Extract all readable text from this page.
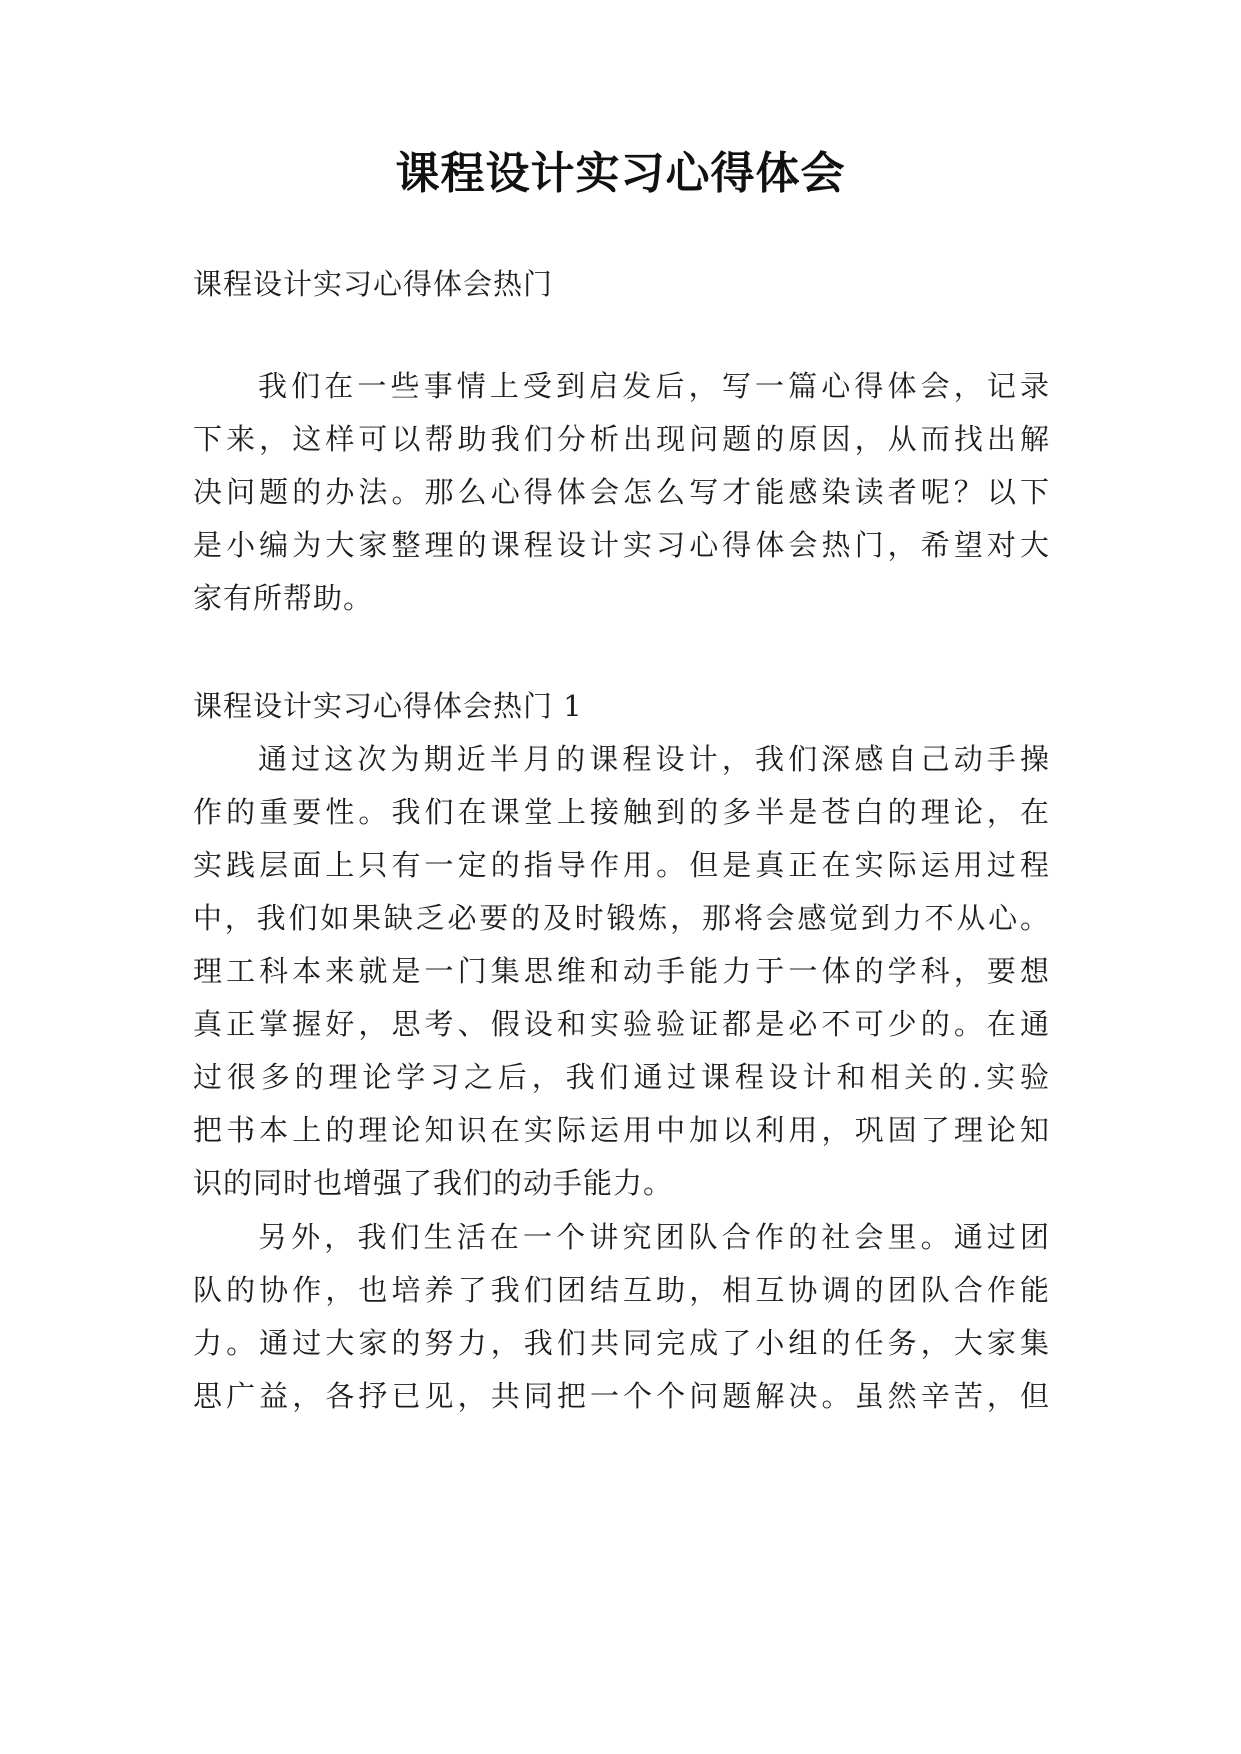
课程设计实习心得体会
课程设计实习心得体会热门
我们在一些事情上受到启发后，写一篇心得体会，记录
下来，这样可以帮助我们分析出现问题的原因，从而找出解
决问题的办法。那么心得体会怎么写才能感染读者呢？以下
是小编为大家整理的课程设计实习心得体会热门，希望对大
家有所帮助。
课程设计实习心得体会热门 1
通过这次为期近半月的课程设计，我们深感自己动手操
作的重要性。我们在课堂上接触到的多半是苍白的理论，在
实践层面上只有一定的指导作用。但是真正在实际运用过程
中，我们如果缺乏必要的及时锻炼，那将会感觉到力不从心。
理工科本来就是一门集思维和动手能力于一体的学科，要想
真正掌握好，思考、假设和实验验证都是必不可少的。在通
过很多的理论学习之后，我们通过课程设计和相关的.实验
把书本上的理论知识在实际运用中加以利用，巩固了理论知
识的同时也增强了我们的动手能力。
另外，我们生活在一个讲究团队合作的社会里。通过团
队的协作，也培养了我们团结互助，相互协调的团队合作能
力。通过大家的努力，我们共同完成了小组的任务，大家集
思广益，各抒已见，共同把一个个问题解决。虽然辛苦，但
